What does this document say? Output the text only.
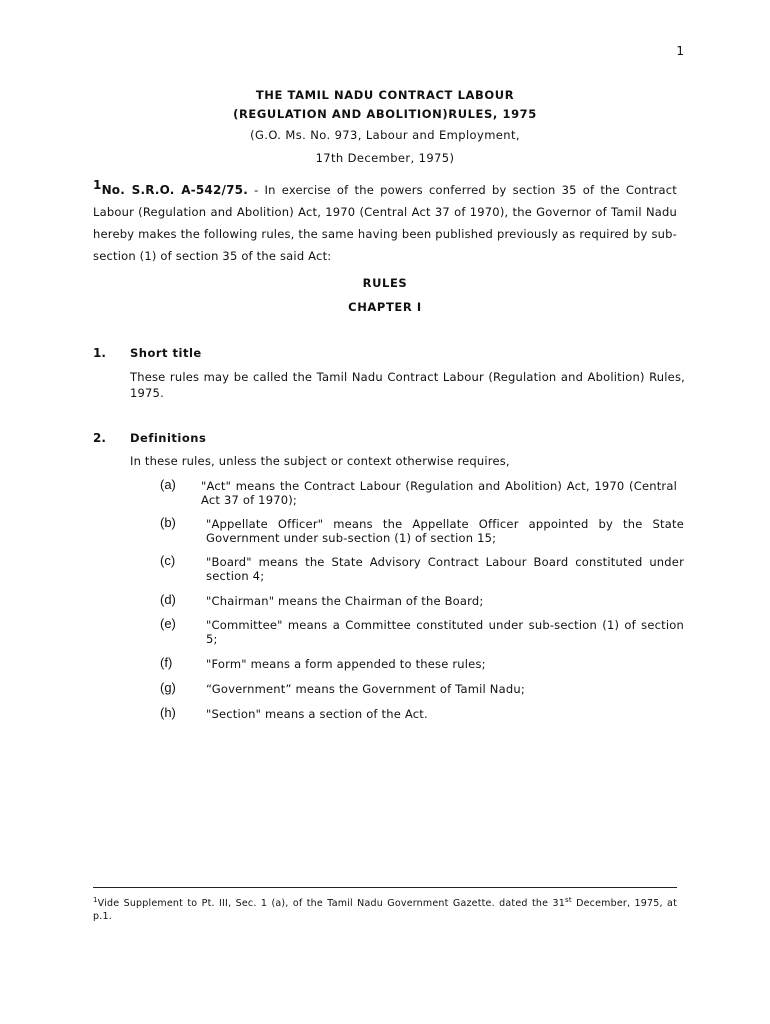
1
THE TAMIL NADU CONTRACT LABOUR
(REGULATION AND ABOLITION)RULES, 1975
(G.O. Ms. No. 973, Labour and Employment,
17th December, 1975)
$^1$No. S.R.O. A-542/75. - In exercise of the powers conferred by section 35 of the Contract Labour (Regulation and Abolition) Act, 1970 (Central Act 37 of 1970), the Governor of Tamil Nadu hereby makes the following rules, the same having been published previously as required by sub-section (1) of section 35 of the said Act:
RULES
CHAPTER I
1. Short title
These rules may be called the Tamil Nadu Contract Labour (Regulation and Abolition) Rules, 1975.
2. Definitions
In these rules, unless the subject or context otherwise requires,
(a) "Act" means the Contract Labour (Regulation and Abolition) Act, 1970 (Central Act 37 of 1970);
(b)	"Appellate Officer" means the Appellate Officer appointed by the State Government under sub-section (1) of section 15;
(c)	"Board" means the State Advisory Contract Labour Board constituted under section 4;
(d)	"Chairman" means the Chairman of the Board;
(e)	"Committee" means a Committee constituted under sub-section (1) of section 5;
(f)	"Form" means a form appended to these rules;
(g)	“Government” means the Government of Tamil Nadu;
(h)	"Section" means a section of the Act.
$^1$Vide Supplement to Pt. III, Sec. 1 (a), of the Tamil Nadu Government Gazette. dated the 31st December, 1975, at p.1.
